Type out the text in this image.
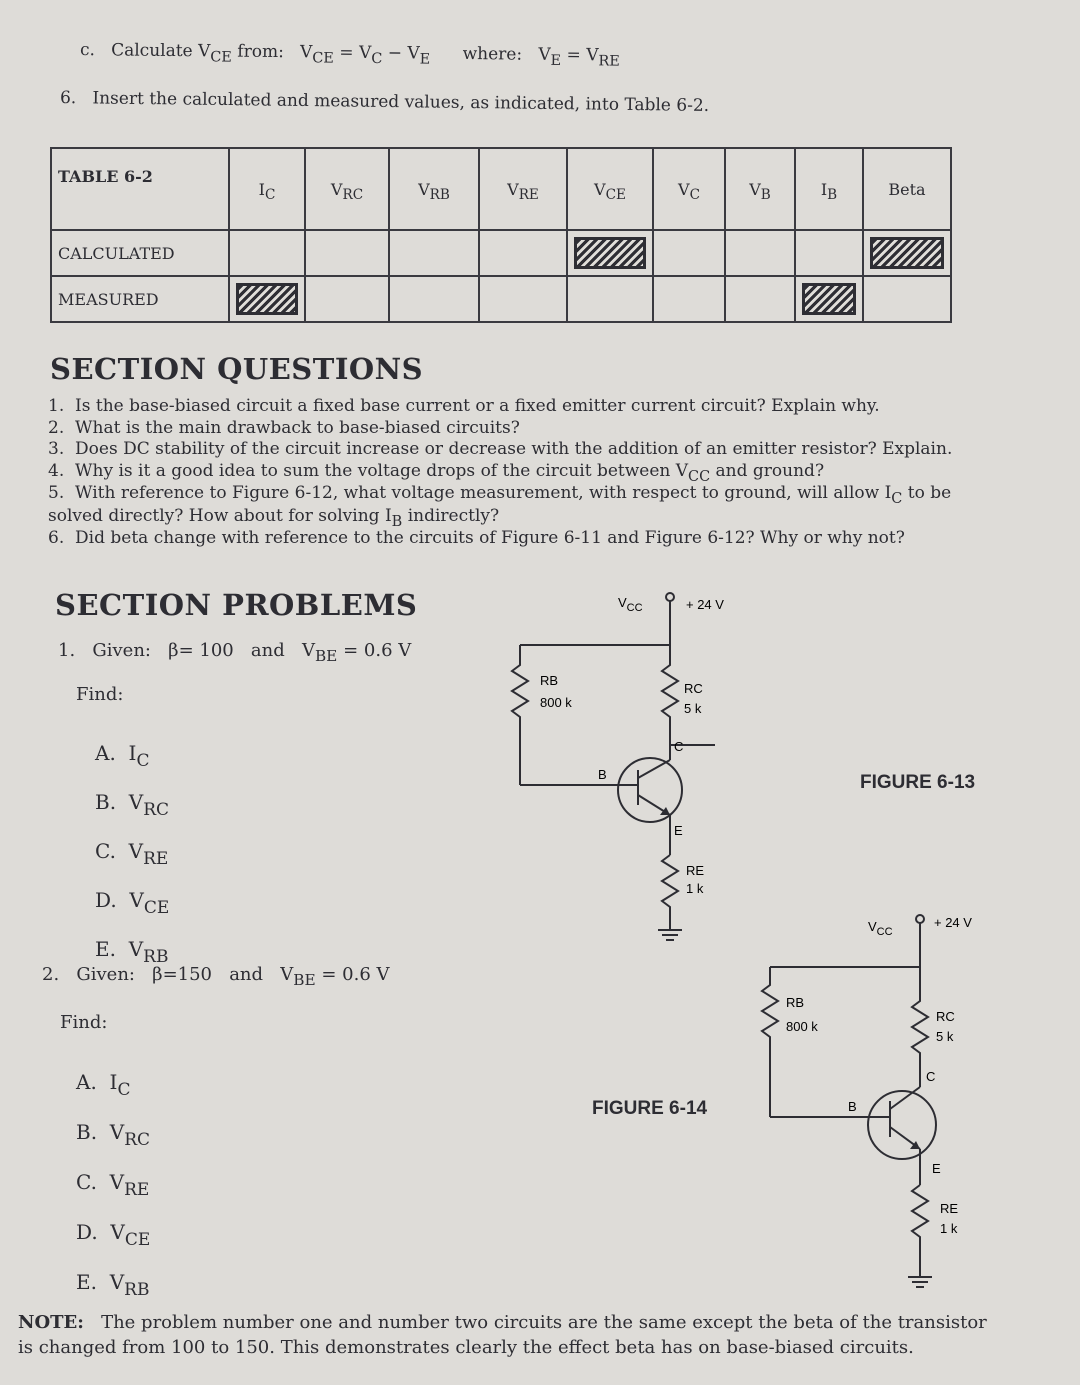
c. Calculate $V_{CE}$ from: $V_{CE} = V_C - V_E$ where: $V_E = V_{RE}$
6. Insert the calculated and measured values, as indicated, into Table 6-2.
TABLE 6-2	$I_C$	$V_{RC}$	$V_{RB}$	$V_{RE}$	$V_{CE}$	$V_C$	$V_B$	$I_B$	Beta
CALCULATED					

MEASURED	

SECTION QUESTIONS
1. Is the base-biased circuit a fixed base current or a fixed emitter current circuit? Explain why.
2. What is the main drawback to base-biased circuits?
3. Does DC stability of the circuit increase or decrease with the addition of an emitter resistor? Explain.
4. Why is it a good idea to sum the voltage drops of the circuit between $V_{CC}$ and ground?
5. With reference to Figure 6-12, what voltage measurement, with respect to ground, will allow $I_C$ to be
solved directly? How about for solving $I_B$ indirectly?
6. Did beta change with reference to the circuits of Figure 6-11 and Figure 6-12? Why or why not?
SECTION PROBLEMS
1. Given: β= 100 and VBE = 0.6 V
Find:
A. $I_C$
B. $V_{RC}$
C. $V_{RE}$
D. $V_{CE}$
E. $V_{RB}$
2. Given: β=150 and VBE = 0.6 V
Find:
A. $I_C$
B. $V_{RC}$
C. $V_{RE}$
D. $V_{CE}$
E. $V_{RB}$
$V_{CC}$	+ 24 V
RB
800 k
RC
5 k
B
C
E
RE
1 k
FIGURE 6-13
$V_{CC}$
+ 24 V
RB
800 k
RC
5 k
B
C
E
RE
1 k
FIGURE 6-14
NOTE: The problem number one and number two circuits are the same except the beta of the transistor
is changed from 100 to 150. This demonstrates clearly the effect beta has on base-biased circuits.
